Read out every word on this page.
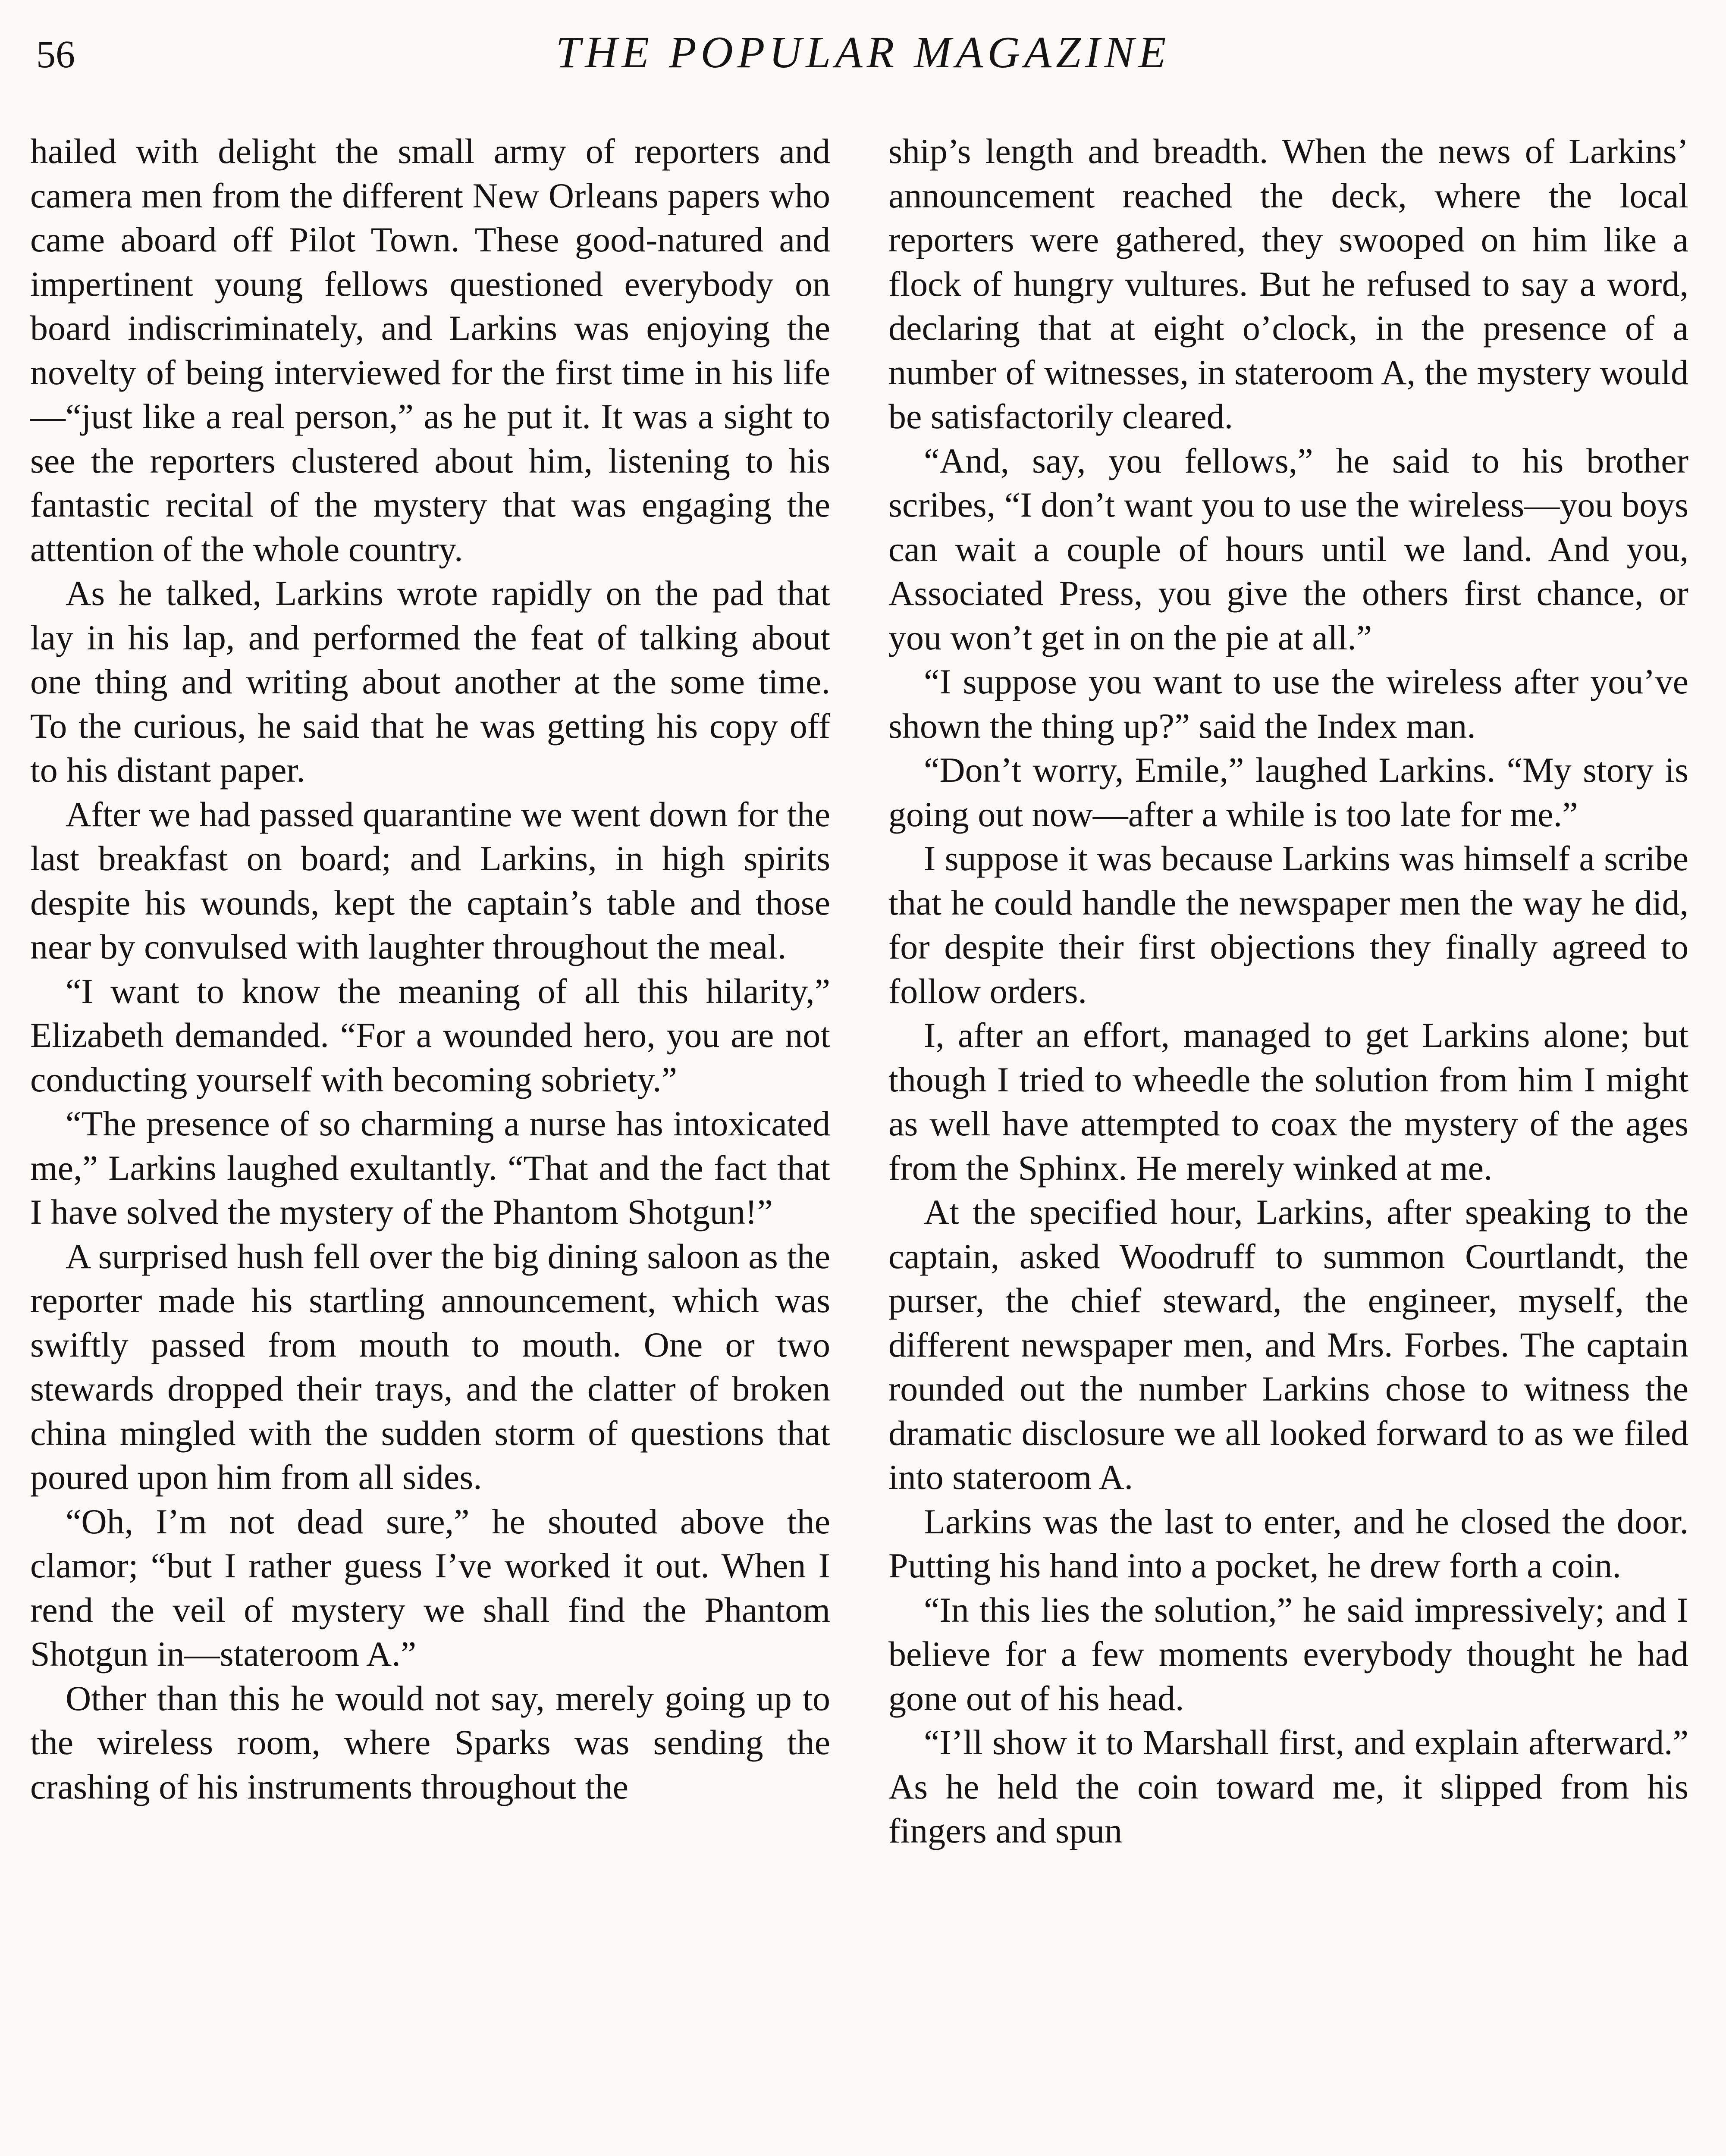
56	THE POPULAR MAGAZINE

hailed with delight the small army of reporters and camera men from the different New Orleans papers who came aboard off Pilot Town. These good-natured and impertinent young fellows questioned everybody on board indiscriminately, and Larkins was enjoying the novelty of being interviewed for the first time in his life—“just like a real person,” as he put it. It was a sight to see the reporters clustered about him, listening to his fantastic recital of the mystery that was engaging the attention of the whole country.

As he talked, Larkins wrote rapidly on the pad that lay in his lap, and performed the feat of talking about one thing and writing about another at the some time. To the curious, he said that he was getting his copy off to his distant paper.

After we had passed quarantine we went down for the last breakfast on board; and Larkins, in high spirits despite his wounds, kept the captain’s table and those near by convulsed with laughter throughout the meal.

“I want to know the meaning of all this hilarity,” Elizabeth demanded. “For a wounded hero, you are not conducting yourself with becoming sobriety.”

“The presence of so charming a nurse has intoxicated me,” Larkins laughed exultantly. “That and the fact that I have solved the mystery of the Phantom Shotgun!”

A surprised hush fell over the big dining saloon as the reporter made his startling announcement, which was swiftly passed from mouth to mouth. One or two stewards dropped their trays, and the clatter of broken china mingled with the sudden storm of questions that poured upon him from all sides.

“Oh, I’m not dead sure,” he shouted above the clamor; “but I rather guess I’ve worked it out. When I rend the veil of mystery we shall find the Phantom Shotgun in—stateroom A.”

Other than this he would not say, merely going up to the wireless room, where Sparks was sending the crashing of his instruments throughout the

ship’s length and breadth. When the news of Larkins’ announcement reached the deck, where the local reporters were gathered, they swooped on him like a flock of hungry vultures. But he refused to say a word, declaring that at eight o’clock, in the presence of a number of witnesses, in stateroom A, the mystery would be satisfactorily cleared.

“And, say, you fellows,” he said to his brother scribes, “I don’t want you to use the wireless—you boys can wait a couple of hours until we land. And you, Associated Press, you give the others first chance, or you won’t get in on the pie at all.”

“I suppose you want to use the wireless after you’ve shown the thing up?” said the Index man.

“Don’t worry, Emile,” laughed Larkins. “My story is going out now—after a while is too late for me.”

I suppose it was because Larkins was himself a scribe that he could handle the newspaper men the way he did, for despite their first objections they finally agreed to follow orders.

I, after an effort, managed to get Larkins alone; but though I tried to wheedle the solution from him I might as well have attempted to coax the mystery of the ages from the Sphinx. He merely winked at me.

At the specified hour, Larkins, after speaking to the captain, asked Woodruff to summon Courtlandt, the purser, the chief steward, the engineer, myself, the different newspaper men, and Mrs. Forbes. The captain rounded out the number Larkins chose to witness the dramatic disclosure we all looked forward to as we filed into stateroom A.

Larkins was the last to enter, and he closed the door. Putting his hand into a pocket, he drew forth a coin.

“In this lies the solution,” he said impressively; and I believe for a few moments everybody thought he had gone out of his head.

“I’ll show it to Marshall first, and explain afterward.” As he held the coin toward me, it slipped from his fingers and spun
